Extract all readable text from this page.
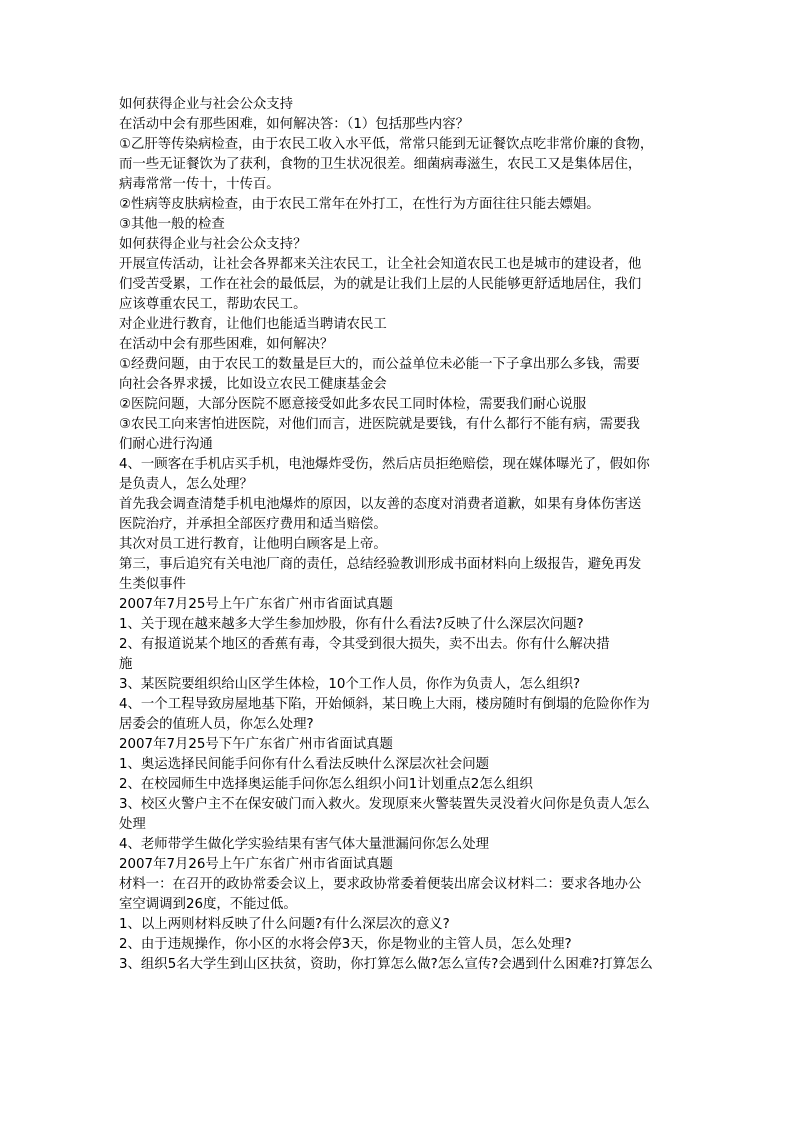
如何获得企业与社会公众支持
在活动中会有那些困难，如何解决答：（1）包括那些内容？
①乙肝等传染病检查，由于农民工收入水平低，常常只能到无证餐饮点吃非常价廉的食物，
而一些无证餐饮为了获利，食物的卫生状况很差。细菌病毒滋生，农民工又是集体居住，
病毒常常一传十，十传百。
②性病等皮肤病检查，由于农民工常年在外打工，在性行为方面往往只能去嫖娼。
③其他一般的检查
如何获得企业与社会公众支持？
开展宣传活动，让社会各界都来关注农民工，让全社会知道农民工也是城市的建设者，他
们受苦受累，工作在社会的最低层，为的就是让我们上层的人民能够更舒适地居住，我们
应该尊重农民工，帮助农民工。
对企业进行教育，让他们也能适当聘请农民工
在活动中会有那些困难，如何解决？
①经费问题，由于农民工的数量是巨大的，而公益单位未必能一下子拿出那么多钱，需要
向社会各界求援，比如设立农民工健康基金会
②医院问题，大部分医院不愿意接受如此多农民工同时体检，需要我们耐心说服
③农民工向来害怕进医院，对他们而言，进医院就是要钱，有什么都行不能有病，需要我
们耐心进行沟通
4、一顾客在手机店买手机，电池爆炸受伤，然后店员拒绝赔偿，现在媒体曝光了，假如你
是负责人，怎么处理？
首先我会调查清楚手机电池爆炸的原因，以友善的态度对消费者道歉，如果有身体伤害送
医院治疗，并承担全部医疗费用和适当赔偿。
其次对员工进行教育，让他明白顾客是上帝。
第三，事后追究有关电池厂商的责任，总结经验教训形成书面材料向上级报告，避免再发
生类似事件
2007年7月25号上午广东省广州市省面试真题
1、关于现在越来越多大学生参加炒股，你有什么看法?反映了什么深层次问题?
2、有报道说某个地区的香蕉有毒，令其受到很大损失，卖不出去。你有什么解决措
施
3、某医院要组织给山区学生体检，10个工作人员，你作为负责人，怎么组织?
4、一个工程导致房屋地基下陷，开始倾斜，某日晚上大雨，楼房随时有倒塌的危险你作为
居委会的值班人员，你怎么处理?
2007年7月25号下午广东省广州市省面试真题
1、奥运选择民间能手问你有什么看法反映什么深层次社会问题
2、在校园师生中选择奥运能手问你怎么组织小问1计划重点2怎么组织
3、校区火警户主不在保安破门而入救火。发现原来火警装置失灵没着火问你是负责人怎么
处理
4、老师带学生做化学实验结果有害气体大量泄漏问你怎么处理
2007年7月26号上午广东省广州市省面试真题
材料一：在召开的政协常委会议上，要求政协常委着便装出席会议材料二：要求各地办公
室空调调到26度，不能过低。
1、以上两则材料反映了什么问题?有什么深层次的意义?
2、由于违规操作，你小区的水将会停3天，你是物业的主管人员，怎么处理?
3、组织5名大学生到山区扶贫，资助，你打算怎么做?怎么宣传?会遇到什么困难?打算怎么
